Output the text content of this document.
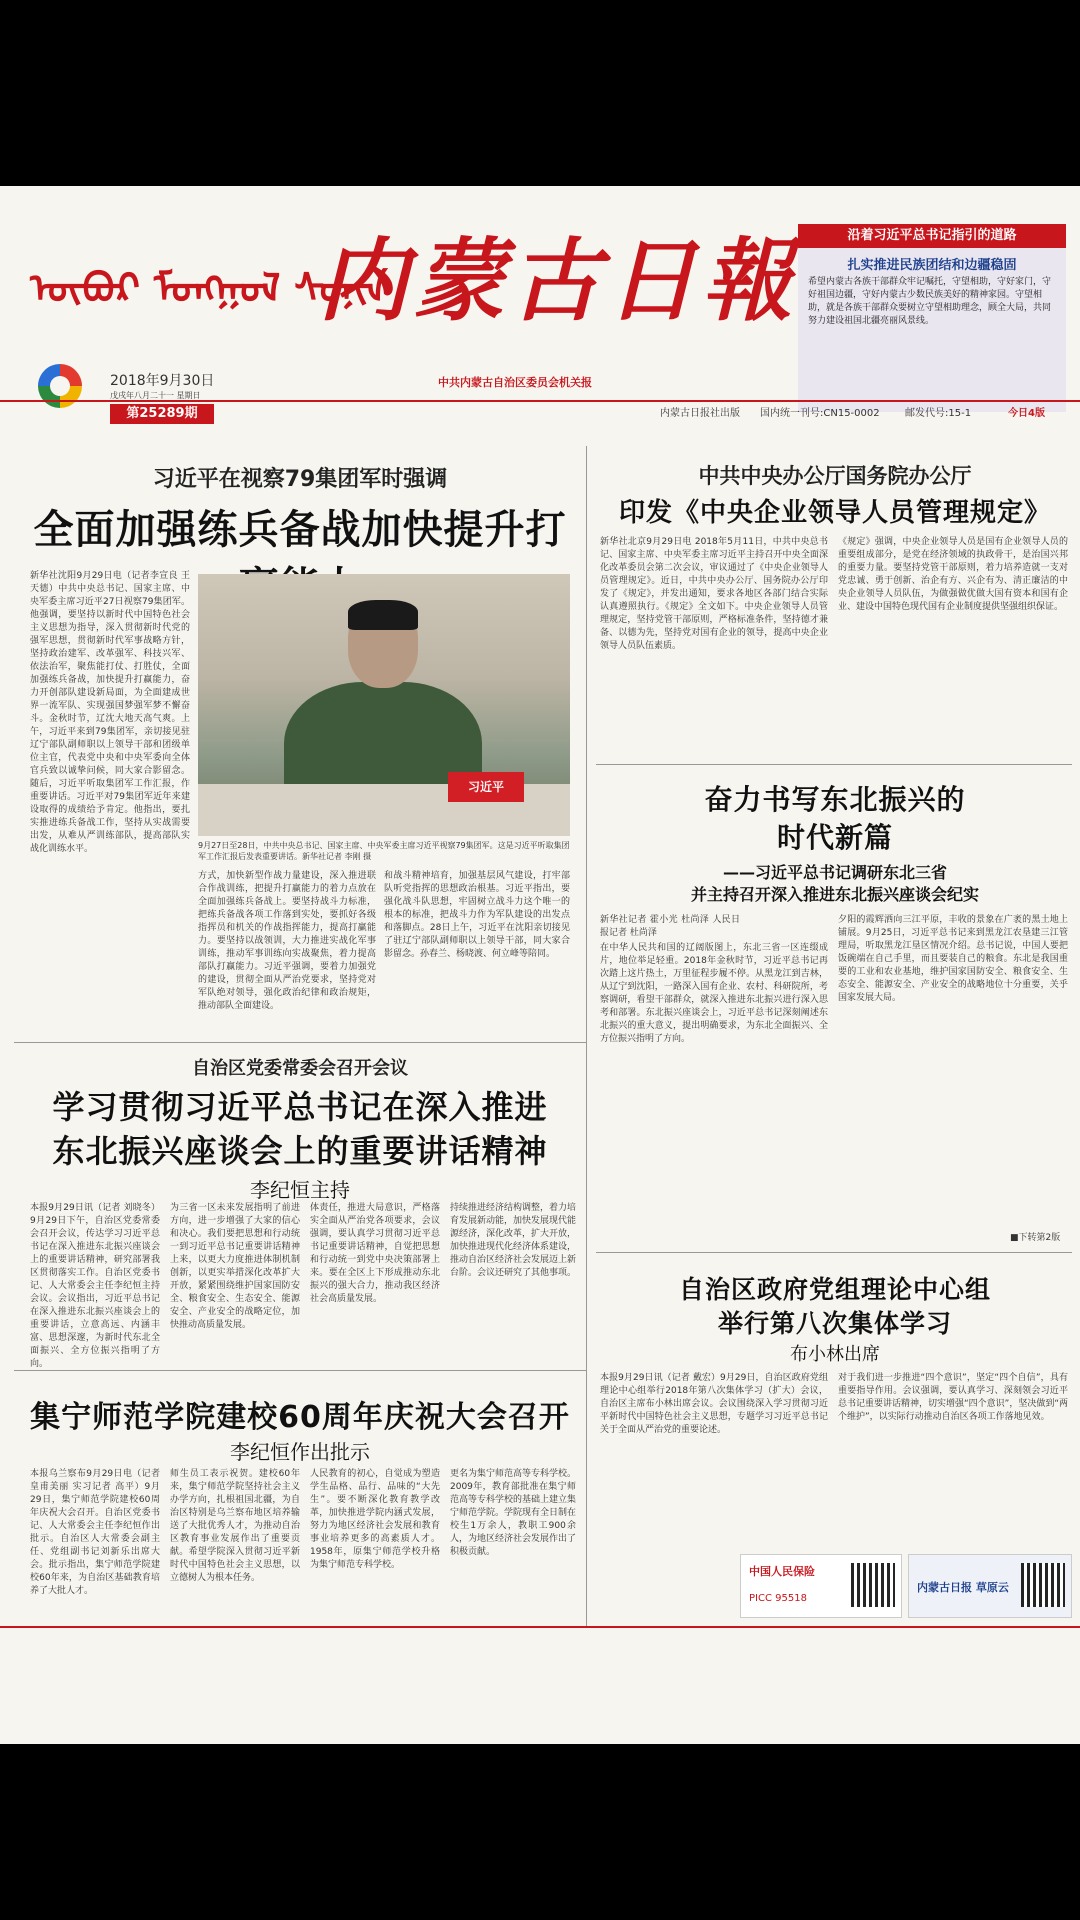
ᠥᠪᠥᠷ ᠮᠣᠩᠭᠣᠯ ᠰᠣᠨᠢᠨ
内蒙古日報
2018年9月30日
戊戌年八月二十一 星期日
第25289期
中共内蒙古自治区委员会机关报
沿着习近平总书记指引的道路
扎实推进民族团结和边疆稳固
希望内蒙古各族干部群众牢记嘱托，守望相助，守好家门，守好祖国边疆，守好内蒙古少数民族美好的精神家园。守望相助，就是各族干部群众要树立守望相助理念，顾全大局，共同努力建设祖国北疆亮丽风景线。
内蒙古日报社出版 国内统一刊号:CN15-0002	邮发代号:15-1	今日4版
习近平在视察79集团军时强调
全面加强练兵备战加快提升打
新华社沈阳9月29日电（记者李宣良 王天德）中共中央总书记、国家主席、中央军委主席习近平27日视察79集团军。他强调，要坚持以新时代中国特色社会主义思想为指导，深入贯彻新时代党的强军思想，贯彻新时代军事战略方针，坚持政治建军、改革强军、科技兴军、依法治军，聚焦能打仗、打胜仗，全面加强练兵备战，加快提升打赢能力，奋力开创部队建设新局面，为全面建成世界一流军队、实现强国梦强军梦不懈奋斗。金秋时节，辽沈大地天高气爽。上午，习近平来到79集团军，亲切接见驻辽宁部队副师职以上领导干部和团级单位主官，代表党中央和中央军委向全体官兵致以诚挚问候，同大家合影留念。随后，习近平听取集团军工作汇报，作重要讲话。习近平对79集团军近年来建设取得的成绩给予肯定。他指出，要扎实推进练兵备战工作，坚持从实战需要出发，从难从严训练部队，提高部队实战化训练水平。
习近平
9月27日至28日，中共中央总书记、国家主席、中央军委主席习近平视察79集团军。这是习近平听取集团军工作汇报后发表重要讲话。新华社记者 李刚 摄
方式，加快新型作战力量建设，深入推进联合作战训练，把提升打赢能力的着力点放在全面加强练兵备战上。要坚持战斗力标准，把练兵备战各项工作落到实处，要抓好各级指挥员和机关的作战指挥能力，提高打赢能力。要坚持以战领训，大力推进实战化军事训练，推动军事训练向实战聚焦，着力提高部队打赢能力。习近平强调，要着力加强党的建设，贯彻全面从严治党要求，坚持党对军队绝对领导，强化政治纪律和政治规矩，推动部队全面建设。
和战斗精神培育，加强基层风气建设，打牢部队听党指挥的思想政治根基。习近平指出，要强化战斗队思想，牢固树立战斗力这个唯一的根本的标准，把战斗力作为军队建设的出发点和落脚点。28日上午，习近平在沈阳亲切接见了驻辽宁部队副师职以上领导干部，同大家合影留念。孙春兰、杨晓渡、何立峰等陪同。
中共中央办公厅国务院办公厅
印发《中央企业领导人员管理规定》
新华社北京9月29日电 2018年5月11日，中共中央总书记、国家主席、中央军委主席习近平主持召开中央全面深化改革委员会第二次会议，审议通过了《中央企业领导人员管理规定》。近日，中共中央办公厅、国务院办公厅印发了《规定》，并发出通知，要求各地区各部门结合实际认真遵照执行。《规定》全文如下。中央企业领导人员管理规定，坚持党管干部原则，严格标准条件，坚持德才兼备、以德为先，坚持党对国有企业的领导，提高中央企业领导人员队伍素质。
《规定》强调，中央企业领导人员是国有企业领导人员的重要组成部分，是党在经济领域的执政骨干，是治国兴邦的重要力量。要坚持党管干部原则，着力培养造就一支对党忠诚、勇于创新、治企有方、兴企有为、清正廉洁的中央企业领导人员队伍，为做强做优做大国有资本和国有企业、建设中国特色现代国有企业制度提供坚强组织保证。
奋力书写东北振兴的
时代新篇
——习近平总书记调研东北三省
并主持召开深入推进东北振兴座谈会纪实
新华社记者 霍小光 杜尚泽 人民日报记者 杜尚泽
在中华人民共和国的辽阔版图上，东北三省一区连缀成片，地位举足轻重。2018年金秋时节，习近平总书记再次踏上这片热土，万里征程步履不停。从黑龙江到吉林，从辽宁到沈阳，一路深入国有企业、农村、科研院所，考察调研，看望干部群众，就深入推进东北振兴进行深入思考和部署。东北振兴座谈会上，习近平总书记深刻阐述东北振兴的重大意义，提出明确要求，为东北全面振兴、全方位振兴指明了方向。
夕阳的霞辉洒向三江平原，丰收的景象在广袤的黑土地上铺展。9月25日，习近平总书记来到黑龙江农垦建三江管理局，听取黑龙江垦区情况介绍。总书记说，中国人要把饭碗端在自己手里，而且要装自己的粮食。东北是我国重要的工业和农业基地，维护国家国防安全、粮食安全、生态安全、能源安全、产业安全的战略地位十分重要，关乎国家发展大局。
■下转第2版
自治区党委常委会召开会议
学习贯彻习近平总书记在深入推进
东北振兴座谈会上的重要讲话精神
李纪恒主持
本报9月29日讯（记者 刘晓冬）9月29日下午，自治区党委常委会召开会议，传达学习习近平总书记在深入推进东北振兴座谈会上的重要讲话精神，研究部署我区贯彻落实工作。自治区党委书记、人大常委会主任李纪恒主持会议。会议指出，习近平总书记在深入推进东北振兴座谈会上的重要讲话，立意高远、内涵丰富、思想深邃，为新时代东北全面振兴、全方位振兴指明了方向。
为三省一区未来发展指明了前进方向，进一步增强了大家的信心和决心。我们要把思想和行动统一到习近平总书记重要讲话精神上来，以更大力度推进体制机制创新，以更实举措深化改革扩大开放，紧紧围绕维护国家国防安全、粮食安全、生态安全、能源安全、产业安全的战略定位，加快推动高质量发展。
体责任，推进大局意识，严格落实全面从严治党各项要求，会议强调，要认真学习贯彻习近平总书记重要讲话精神，自觉把思想和行动统一到党中央决策部署上来。要在全区上下形成推动东北振兴的强大合力，推动我区经济社会高质量发展。
持续推进经济结构调整，着力培育发展新动能，加快发展现代能源经济，深化改革，扩大开放，加快推进现代化经济体系建设，推动自治区经济社会发展迈上新台阶。会议还研究了其他事项。
自治区政府党组理论中心组
举行第八次集体学习
布小林出席
本报9月29日讯（记者 戴宏）9月29日，自治区政府党组理论中心组举行2018年第八次集体学习（扩大）会议，自治区主席布小林出席会议。会议围绕深入学习贯彻习近平新时代中国特色社会主义思想，专题学习习近平总书记关于全面从严治党的重要论述。
对于我们进一步推进“四个意识”，坚定“四个自信”，具有重要指导作用。会议强调，要认真学习、深刻领会习近平总书记重要讲话精神，切实增强“四个意识”，坚决做到“两个维护”，以实际行动推动自治区各项工作落地见效。
集宁师范学院建校60周年庆祝大会召开
李纪恒作出批示
本报乌兰察布9月29日电（记者 皇甫美丽 实习记者 高平）9月29日，集宁师范学院建校60周年庆祝大会召开。自治区党委书记、人大常委会主任李纪恒作出批示。自治区人大常委会副主任、党组副书记刘新乐出席大会。批示指出，集宁师范学院建校60年来，为自治区基础教育培养了大批人才。
师生员工表示祝贺。建校60年来，集宁师范学院坚持社会主义办学方向，扎根祖国北疆，为自治区特别是乌兰察布地区培养输送了大批优秀人才，为推动自治区教育事业发展作出了重要贡献。希望学院深入贯彻习近平新时代中国特色社会主义思想，以立德树人为根本任务。
人民教育的初心，自觉成为塑造学生品格、品行、品味的“大先生”。要不断深化教育教学改革，加快推进学院内涵式发展，努力为地区经济社会发展和教育事业培养更多的高素质人才。1958年，原集宁师范学校升格为集宁师范专科学校。
更名为集宁师范高等专科学校。2009年，教育部批准在集宁师范高等专科学校的基础上建立集宁师范学院。学院现有全日制在校生1万余人，教职工900余人，为地区经济社会发展作出了积极贡献。
中国人民保险
PICC 95518
内蒙古日报 草原云
